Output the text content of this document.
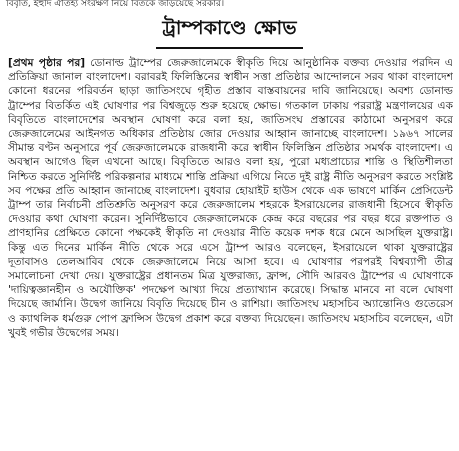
বিবৃতি, ইহুদি ঐতিহ্য সংরক্ষণ নিয়ে বিতর্কে জড়িয়েছে সরকার।
ট্রাম্পকাণ্ডে ক্ষোভ
[প্রথম পৃষ্ঠার পর] ডোনাল্ড ট্রাম্পের জেরুজালেমকে স্বীকৃতি দিয়ে আনুষ্ঠানিক বক্তব্য দেওয়ার পরদিন এ প্রতিক্রিয়া জানাল বাংলাদেশ। বরাবরই ফিলিস্তিনের স্বাধীন সত্তা প্রতিষ্ঠার আন্দোলনে সরব থাকা বাংলাদেশ কোনো ধরনের পরিবর্তন ছাড়া জাতিসংঘে গৃহীত প্রস্তাব বাস্তবায়নের দাবি জানিয়েছে। অবশ্য ডোনাল্ড ট্রাম্পের বিতর্কিত এই ঘোষণার পর বিশ্বজুড়ে শুরু হয়েছে ক্ষোভ। গতকাল ঢাকায় পররাষ্ট্র মন্ত্রণালয়ের এক বিবৃতিতে বাংলাদেশের অবস্থান ঘোষণা করে বলা হয়, জাতিসংঘ প্রস্তাবের কাঠামো অনুসরণ করে জেরুজালেমের আইনগত অধিকার প্রতিষ্ঠায় জোর দেওয়ার আহ্বান জানাচ্ছে বাংলাদেশ। ১৯৬৭ সালের সীমান্ত বণ্টন অনুসারে পূর্ব জেরুজালেমকে রাজধানী করে স্বাধীন ফিলিস্তিন প্রতিষ্ঠার সমর্থক বাংলাদেশ। এ অবস্থান আগেও ছিল এখনো আছে। বিবৃতিতে আরও বলা হয়, পুরো মধ্যপ্রাচ্যের শান্তি ও স্থিতিশীলতা নিশ্চিত করতে সুনির্দিষ্ট পরিকল্পনার মাধ্যমে শান্তি প্রক্রিয়া এগিয়ে নিতে দুই রাষ্ট্র নীতি অনুসরণ করতে সংশ্লিষ্ট সব পক্ষের প্রতি আহ্বান জানাচ্ছে বাংলাদেশ। বুধবার হোয়াইট হাউস থেকে এক ভাষণে মার্কিন প্রেসিডেন্ট ট্রাম্প তার নির্বাচনী প্রতিশ্রুতি অনুসরণ করে জেরুজালেম শহরকে ইসরায়েলের রাজধানী হিসেবে স্বীকৃতি দেওয়ার কথা ঘোষণা করেন। সুনির্দিষ্টভাবে জেরুজালেমকে কেন্দ্র করে বছরের পর বছর ধরে রক্তপাত ও প্রাণহানির প্রেক্ষিতে কোনো পক্ষকেই স্বীকৃতি না দেওয়ার নীতি কয়েক দশক ধরে মেনে আসছিল যুক্তরাষ্ট্র। কিন্তু এত দিনের মার্কিন নীতি থেকে সরে এসে ট্রাম্প আরও বলেছেন, ইসরায়েলে থাকা যুক্তরাষ্ট্রের দূতাবাসও তেলআবিব থেকে জেরুজালেমে নিয়ে আসা হবে। এ ঘোষণার পরপরই বিশ্বব্যাপী তীব্র সমালোচনা দেখা দেয়। যুক্তরাষ্ট্রের প্রধানতম মিত্র যুক্তরাজ্য, ফ্রান্স, সৌদি আরবও ট্রাম্পের এ ঘোষণাকে 'দায়িত্বজ্ঞানহীন ও অযৌক্তিক' পদক্ষেপ আখ্যা দিয়ে প্রত্যাখ্যান করেছে। সিদ্ধান্ত মানবে না বলে ঘোষণা দিয়েছে জার্মানি। উদ্বেগ জানিয়ে বিবৃতি দিয়েছে চীন ও রাশিয়া। জাতিসংঘ মহাসচিব অ্যান্তোনিও গুতেরেস ও ক্যাথলিক ধর্মগুরু পোপ ফ্রান্সিস উদ্বেগ প্রকাশ করে বক্তব্য দিয়েছেন। জাতিসংঘ মহাসচিব বলেছেন, এটা খুবই গভীর উদ্বেগের সময়।
